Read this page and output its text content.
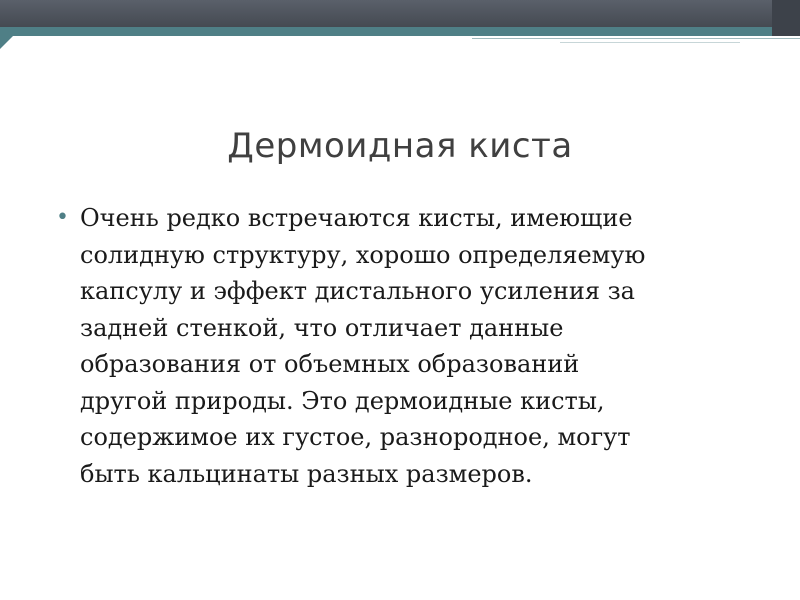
Дермоидная киста
• Очень редко встречаются кисты, имеющие
солидную структуру, хорошо определяемую
капсулу и эффект дистального усиления за
задней стенкой, что отличает данные
образования от объемных образований
другой природы. Это дермоидные кисты,
содержимое их густое, разнородное, могут
быть кальцинаты разных размеров.
